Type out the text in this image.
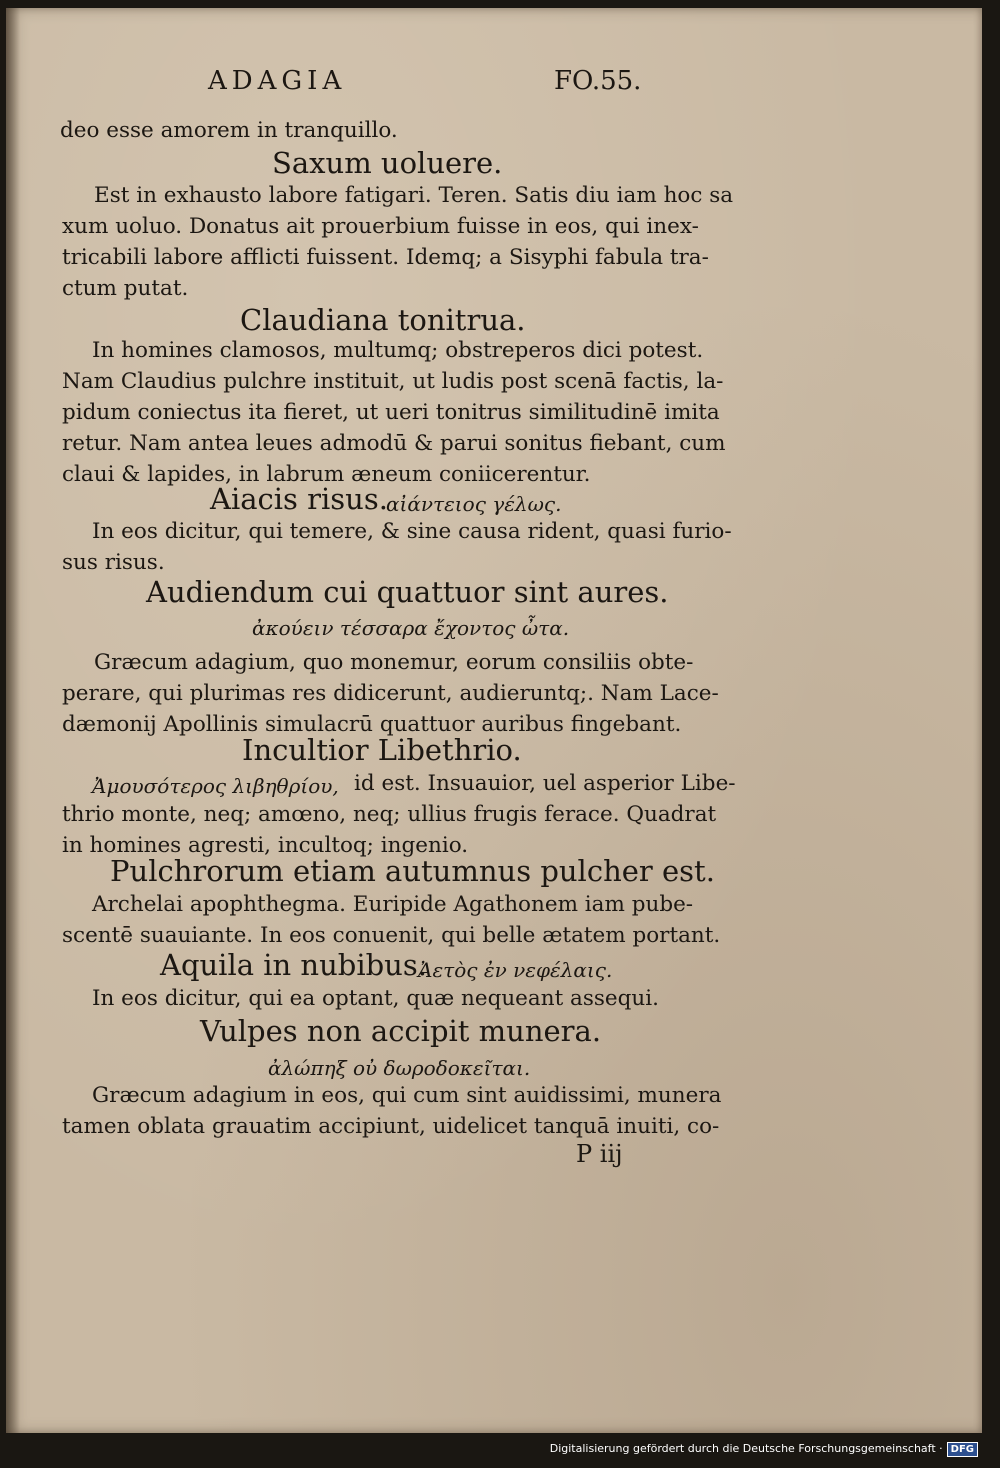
ADAGIA	FO.55.
deo esse amorem in tranquillo.
Saxum uoluere.
Est in exhausto labore fatigari. Teren. Satis diu iam hoc sa
xum uoluo. Donatus ait prouerbium fuisse in eos, qui inex-
tricabili labore afflicti fuissent. Idemq; a Sisyphi fabula tra-
ctum putat.
Claudiana tonitrua.
In homines clamosos, multumq; obstreperos dici potest.
Nam Claudius pulchre instituit, ut ludis post scenā factis, la-
pidum coniectus ita fieret, ut ueri tonitrus similitudinē imita
retur. Nam antea leues admodū & parui sonitus fiebant, cum
claui & lapides, in labrum æneum coniicerentur.
Aiacis risus.
αἰάντειος γέλως.
In eos dicitur, qui temere, & sine causa rident, quasi furio-
sus risus.
Audiendum cui quattuor sint aures.
ἀκούειν τέσσαρα ἔχοντος ὦτα.
Græcum adagium, quo monemur, eorum consiliis obte-
perare, qui plurimas res didicerunt, audieruntq;. Nam Lace-
dæmonij Apollinis simulacrū quattuor auribus fingebant.
Incultior Libethrio.
Ἀμουσότερος λιβηθρίου, id est. Insuauior, uel asperior Libe-
thrio monte, neq; amœno, neq; ullius frugis ferace. Quadrat
in homines agresti, incultoq; ingenio.
Pulchrorum etiam autumnus pulcher est.
Archelai apophthegma. Euripide Agathonem iam pube-
scentē suauiante. In eos conuenit, qui belle ætatem portant.
Aquila in nubibus.
Ἀετὸς ἐν νεφέλαις.
In eos dicitur, qui ea optant, quæ nequeant assequi.
Vulpes non accipit munera.
ἀλώπηξ οὐ δωροδοκεῖται.
Græcum adagium in eos, qui cum sint auidissimi, munera
tamen oblata grauatim accipiunt, uidelicet tanquā inuiti, co-
P iij
Digitalisierung gefördert durch die Deutsche Forschungsgemeinschaft · DFG
